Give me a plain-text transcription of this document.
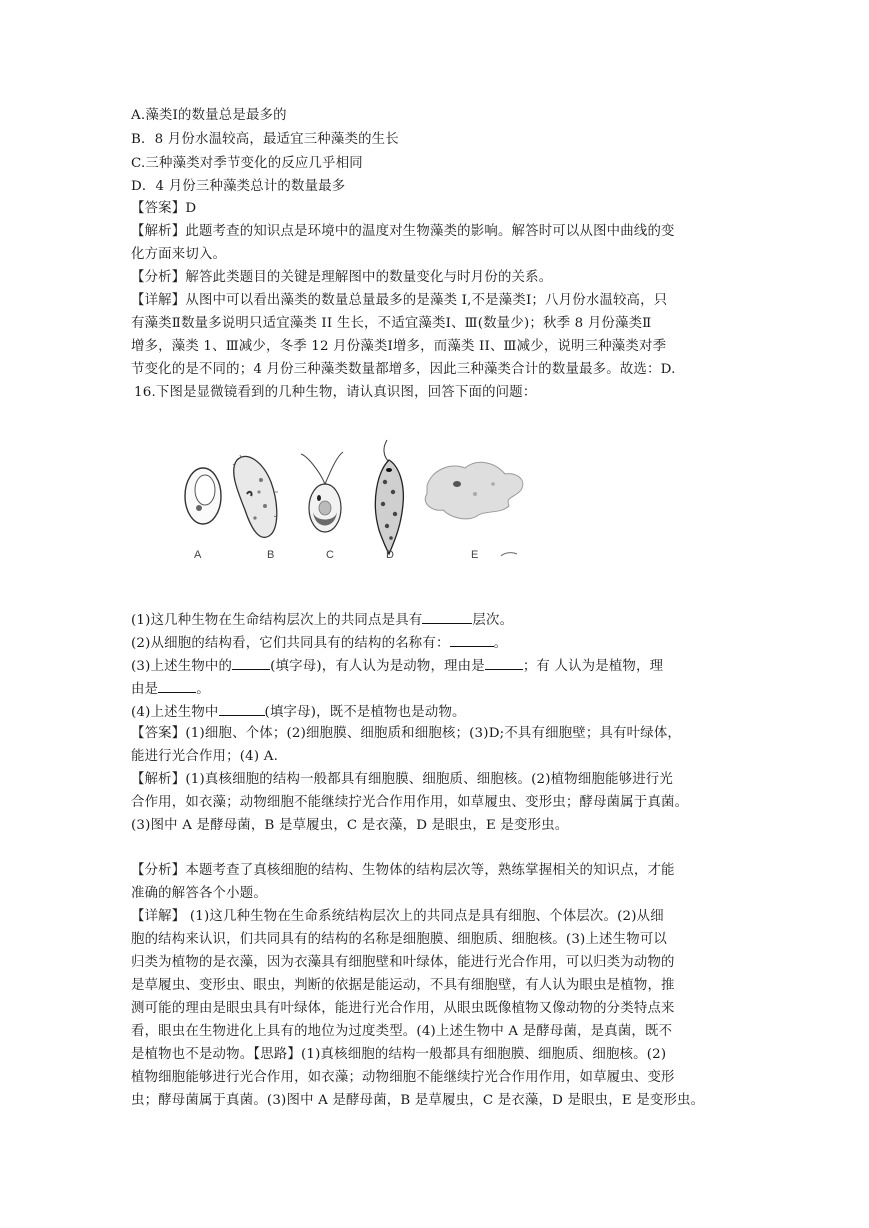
A.藻类Ⅰ的数量总是最多的
B．8 月份水温较高，最适宜三种藻类的生长
C.三种藻类对季节变化的反应几乎相同
D．4 月份三种藻类总计的数量最多
【答案】D
【解析】此题考查的知识点是环境中的温度对生物藻类的影响。解答时可以从图中曲线的变
化方面来切入。
【分析】解答此类题目的关键是理解图中的数量变化与时月份的关系。
【详解】从图中可以看出藻类的数量总量最多的是藻类 I,不是藻类Ⅰ；八月份水温较高，只
有藻类Ⅱ数量多说明只适宜藻类 II 生长，不适宜藻类Ⅰ、Ⅲ(数量少)；秋季 8 月份藻类Ⅱ
增多，藻类 1、Ⅲ减少，冬季 12 月份藻类Ⅰ增多，而藻类 II、Ⅲ减少，说明三种藻类对季
节变化的是不同的；4 月份三种藻类数量都增多，因此三种藻类合计的数量最多。故选：D.
16.下图是显微镜看到的几种生物，请认真识图，回答下面的问题：
A	B	C	D	E
(1)这几种生物在生命结构层次上的共同点是具有	层次。
(2)从细胞的结构看，它们共同具有的结构的名称有：	。
(3)上述生物中的	(填字母)，有人认为是动物，理由是	；有 人认为是植物，理
由是	。
(4)上述生物中	(填字母)，既不是植物也是动物。
【答案】(1)细胞、个体；(2)细胞膜、细胞质和细胞核；(3)D;不具有细胞壁；具有叶绿体，
能进行光合作用；(4) A.
【解析】(1)真核细胞的结构一般都具有细胞膜、细胞质、细胞核。(2)植物细胞能够进行光
合作用，如衣藻；动物细胞不能继续拧光合作用作用，如草履虫、变形虫；酵母菌属于真菌。
(3)图中 A 是酵母菌，B 是草履虫，C 是衣藻，D 是眼虫，E 是变形虫。
【分析】本题考查了真核细胞的结构、生物体的结构层次等，熟练掌握相关的知识点，才能
准确的解答各个小题。
【详解】 (1)这几种生物在生命系统结构层次上的共同点是具有细胞、个体层次。(2)从细
胞的结构来认识，们共同具有的结构的名称是细胞膜、细胞质、细胞核。(3)上述生物可以
归类为植物的是衣藻，因为衣藻具有细胞壁和叶绿体，能进行光合作用，可以归类为动物的
是草履虫、变形虫、眼虫，判断的依据是能运动，不具有细胞壁，有人认为眼虫是植物，推
测可能的理由是眼虫具有叶绿体，能进行光合作用，从眼虫既像植物又像动物的分类特点来
看，眼虫在生物进化上具有的地位为过度类型。(4)上述生物中 A 是酵母菌，是真菌，既不
是植物也不是动物。【思路】(1)真核细胞的结构一般都具有细胞膜、细胞质、细胞核。(2)
植物细胞能够进行光合作用，如衣藻；动物细胞不能继续拧光合作用作用，如草履虫、变形
虫；酵母菌属于真菌。(3)图中 A 是酵母菌，B 是草履虫，C 是衣藻，D 是眼虫，E 是变形虫。
